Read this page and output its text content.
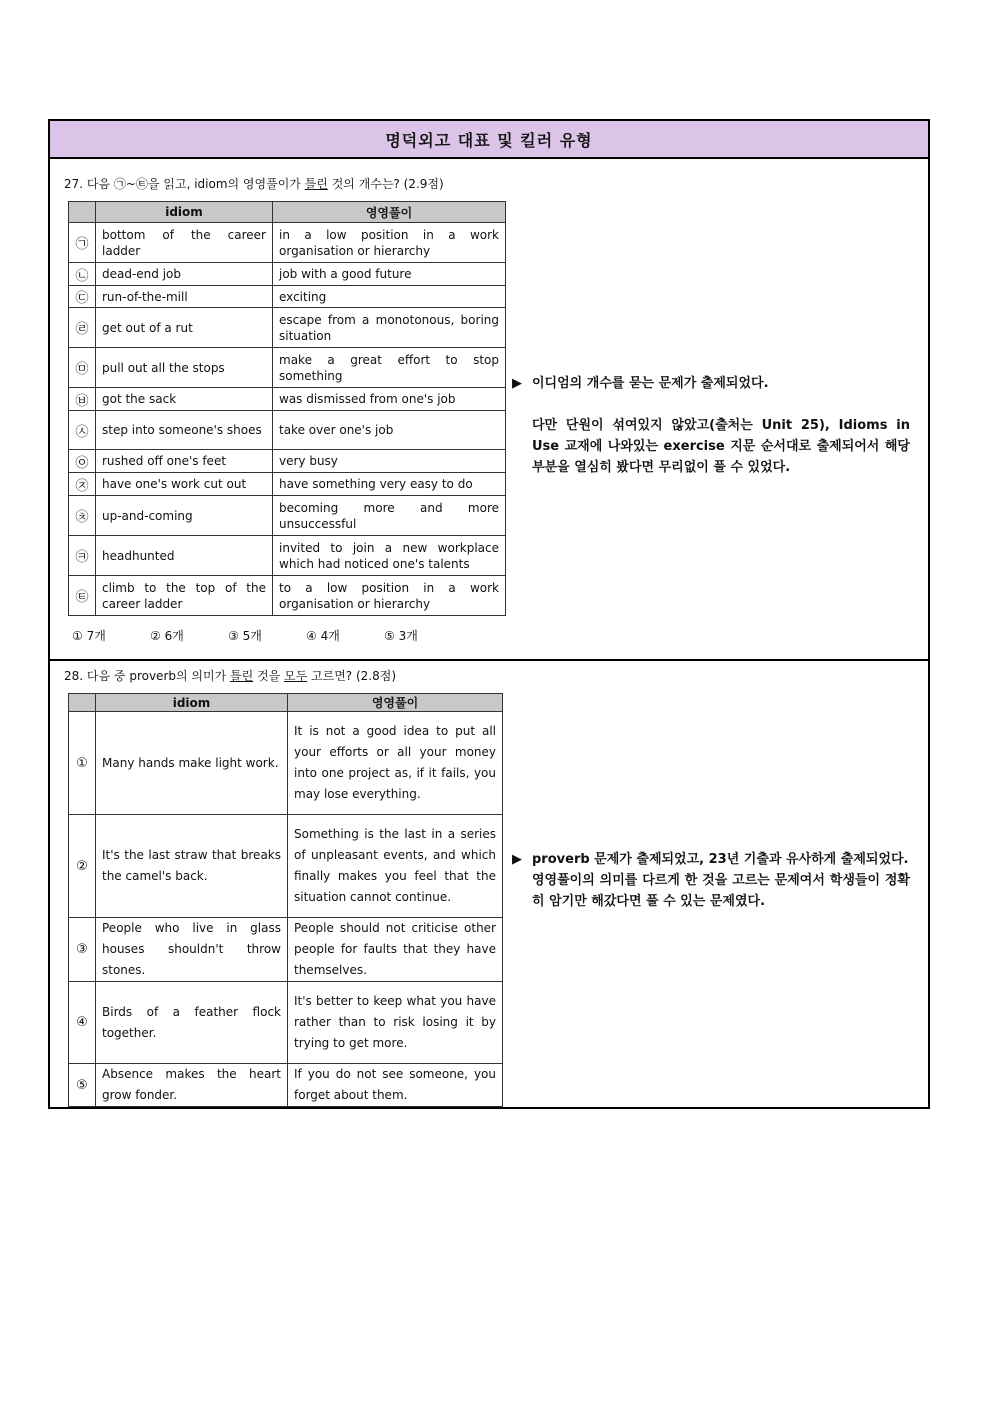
명덕외고 대표 및 킬러 유형
27. 다음 ㉠~㉫을 읽고, idiom의 영영풀이가 틀린 것의 개수는? (2.9점)
	idiom	영영풀이

㉠	bottom of the career ladder	in a low position in a work organisation or hierarchy

㉡	dead-end job	job with a good future

㉢	run-of-the-mill	exciting

㉣	get out of a rut	escape from a monotonous, boring situation

㉤	pull out all the stops	make a great effort to stop something

㉥	got the sack	was dismissed from one's job

㉦	step into someone's shoes	take over one's job

㉧	rushed off one's feet	very busy

㉨	have one's work cut out	have something very easy to do

㉩	up-and-coming	becoming more and more unsuccessful

㉪	headhunted	invited to join a new workplace which had noticed one's talents

㉫	climb to the top of the career ladder	to a low position in a work organisation or hierarchy
① 7개	② 6개	③ 5개	④ 4개	⑤ 3개
▶ 이디엄의 개수를 묻는 문제가 출제되었다.
다만 단원이 섞여있지 않았고(출처는 Unit 25), Idioms in Use 교재에 나와있는 exercise 지문 순서대로 출제되어서 해당 부분을 열심히 봤다면 무리없이 풀 수 있었다.
28. 다음 중 proverb의 의미가 틀린 것을 모두 고르면? (2.8점)
	idiom	영영풀이

①	Many hands make light work.	It is not a good idea to put all your efforts or all your money into one project as, if it fails, you may lose everything.

②	It's the last straw that breaks the camel's back.	Something is the last in a series of unpleasant events, and which finally makes you feel that the situation cannot continue.

③	People who live in glass houses shouldn't throw stones.	People should not criticise other people for faults that they have themselves.

④	Birds of a feather flock together.	It's better to keep what you have rather than to risk losing it by trying to get more.

⑤	Absence makes the heart grow fonder.	If you do not see someone, you forget about them.
▶ proverb 문제가 출제되었고, 23년 기출과 유사하게 출제되었다.
영영풀이의 의미를 다르게 한 것을 고르는 문제여서 학생들이 정확히 암기만 해갔다면 풀 수 있는 문제였다.
